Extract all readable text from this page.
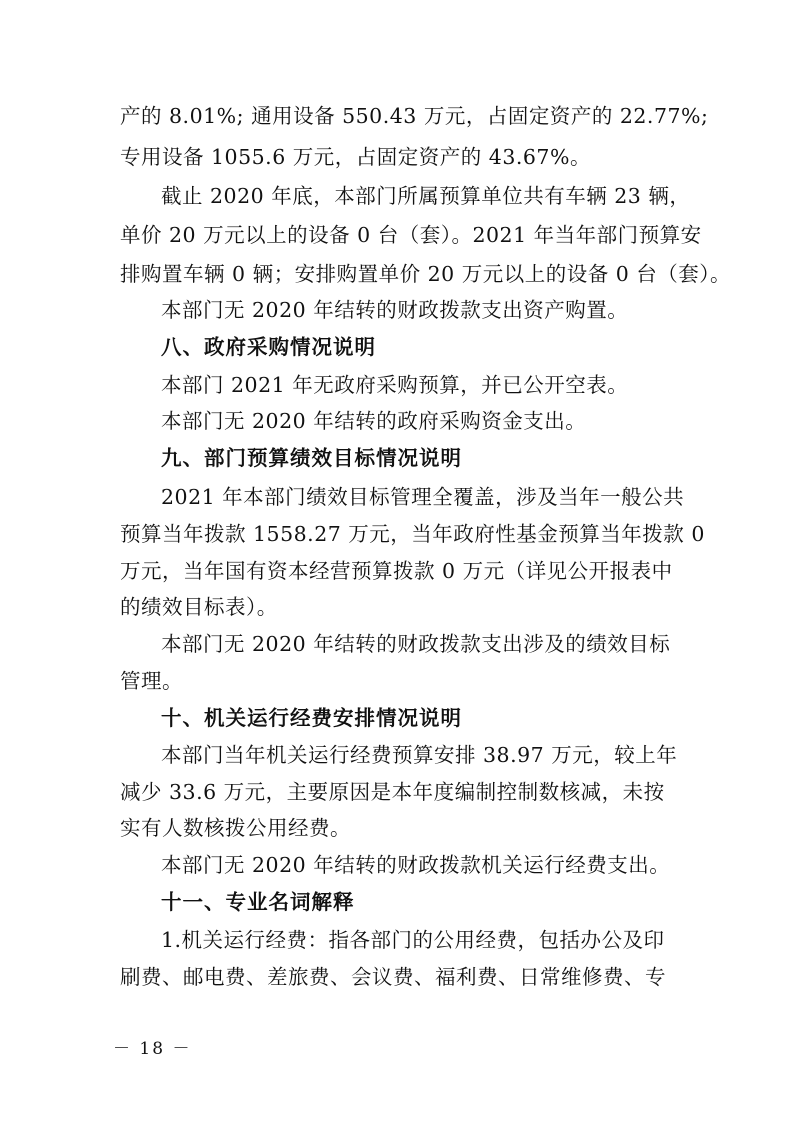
产的 8.01%; 通用设备 550.43 万元，占固定资产的 22.77%;
专用设备 1055.6 万元，占固定资产的 43.67%。
截止 2020 年底，本部门所属预算单位共有车辆 23 辆，
单价 20 万元以上的设备 0 台（套）。2021 年当年部门预算安
排购置车辆 0 辆；安排购置单价 20 万元以上的设备 0 台（套）。
本部门无 2020 年结转的财政拨款支出资产购置。
八、政府采购情况说明
本部门 2021 年无政府采购预算，并已公开空表。
本部门无 2020 年结转的政府采购资金支出。
九、部门预算绩效目标情况说明
2021 年本部门绩效目标管理全覆盖，涉及当年一般公共
预算当年拨款 1558.27 万元，当年政府性基金预算当年拨款 0
万元，当年国有资本经营预算拨款 0 万元（详见公开报表中
的绩效目标表）。
本部门无 2020 年结转的财政拨款支出涉及的绩效目标
管理。
十、机关运行经费安排情况说明
本部门当年机关运行经费预算安排 38.97 万元，较上年
减少 33.6 万元，主要原因是本年度编制控制数核减，未按
实有人数核拨公用经费。
本部门无 2020 年结转的财政拨款机关运行经费支出。
十一、专业名词解释
1.机关运行经费：指各部门的公用经费，包括办公及印
刷费、邮电费、差旅费、会议费、福利费、日常维修费、专
－ 18 －
